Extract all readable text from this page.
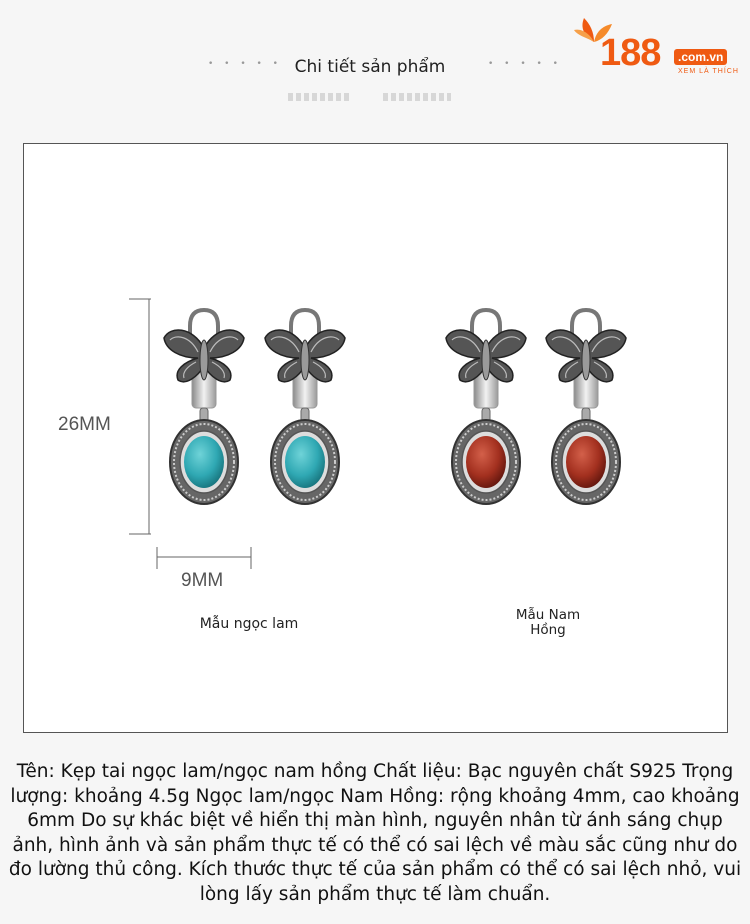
• • • • • Chi tiết sản phẩm	• • • • • 188	.com.vn
XEM LÀ THÍCH
26MM
9MM
Mẫu ngọc lam
Mẫu Nam
Hồng
Tên: Kẹp tai ngọc lam/ngọc nam hồng Chất liệu: Bạc nguyên chất S925 Trọng lượng: khoảng 4.5g Ngọc lam/ngọc Nam Hồng: rộng khoảng 4mm, cao khoảng 6mm Do sự khác biệt về hiển thị màn hình, nguyên nhân từ ánh sáng chụp ảnh, hình ảnh và sản phẩm thực tế có thể có sai lệch về màu sắc cũng như do đo lường thủ công. Kích thước thực tế của sản phẩm có thể có sai lệch nhỏ, vui lòng lấy sản phẩm thực tế làm chuẩn.
